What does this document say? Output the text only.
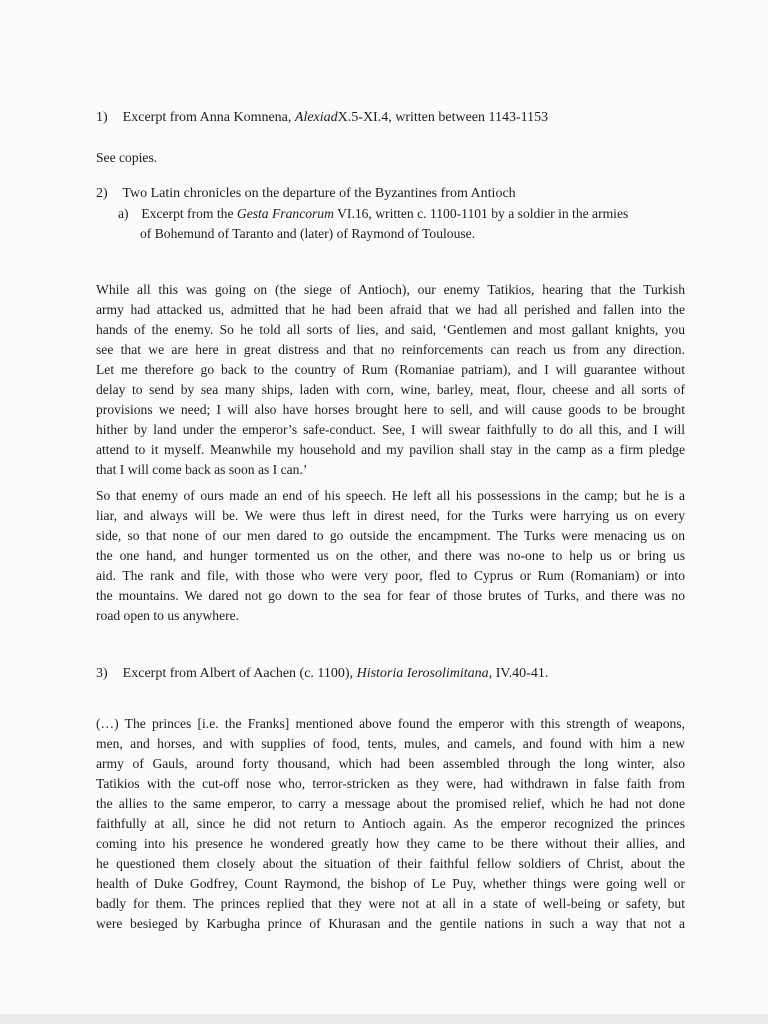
1) Excerpt from Anna Komnena, AlexiadX.5-XI.4, written between 1143-1153
See copies.
2) Two Latin chronicles on the departure of the Byzantines from Antioch
a) Excerpt from the Gesta Francorum VI.16, written c. 1100-1101 by a soldier in the armies
of Bohemund of Taranto and (later) of Raymond of Toulouse.
While all this was going on (the siege of Antioch), our enemy Tatikios, hearing that the Turkish
army had attacked us, admitted that he had been afraid that we had all perished and fallen into the
hands of the enemy. So he told all sorts of lies, and said, ‘Gentlemen and most gallant knights, you
see that we are here in great distress and that no reinforcements can reach us from any direction.
Let me therefore go back to the country of Rum (Romaniae patriam), and I will guarantee without
delay to send by sea many ships, laden with corn, wine, barley, meat, flour, cheese and all sorts of
provisions we need; I will also have horses brought here to sell, and will cause goods to be brought
hither by land under the emperor’s safe-conduct. See, I will swear faithfully to do all this, and I will
attend to it myself. Meanwhile my household and my pavilion shall stay in the camp as a firm pledge
that I will come back as soon as I can.’
So that enemy of ours made an end of his speech. He left all his possessions in the camp; but he is a
liar, and always will be. We were thus left in direst need, for the Turks were harrying us on every
side, so that none of our men dared to go outside the encampment. The Turks were menacing us on
the one hand, and hunger tormented us on the other, and there was no-one to help us or bring us
aid. The rank and file, with those who were very poor, fled to Cyprus or Rum (Romaniam) or into
the mountains. We dared not go down to the sea for fear of those brutes of Turks, and there was no
road open to us anywhere.
3) Excerpt from Albert of Aachen (c. 1100), Historia Ierosolimitana, IV.40-41.
(…) The princes [i.e. the Franks] mentioned above found the emperor with this strength of weapons,
men, and horses, and with supplies of food, tents, mules, and camels, and found with him a new
army of Gauls, around forty thousand, which had been assembled through the long winter, also
Tatikios with the cut-off nose who, terror-stricken as they were, had withdrawn in false faith from
the allies to the same emperor, to carry a message about the promised relief, which he had not done
faithfully at all, since he did not return to Antioch again. As the emperor recognized the princes
coming into his presence he wondered greatly how they came to be there without their allies, and
he questioned them closely about the situation of their faithful fellow soldiers of Christ, about the
health of Duke Godfrey, Count Raymond, the bishop of Le Puy, whether things were going well or
badly for them. The princes replied that they were not at all in a state of well-being or safety, but
were besieged by Karbugha prince of Khurasan and the gentile nations in such a way that not a
